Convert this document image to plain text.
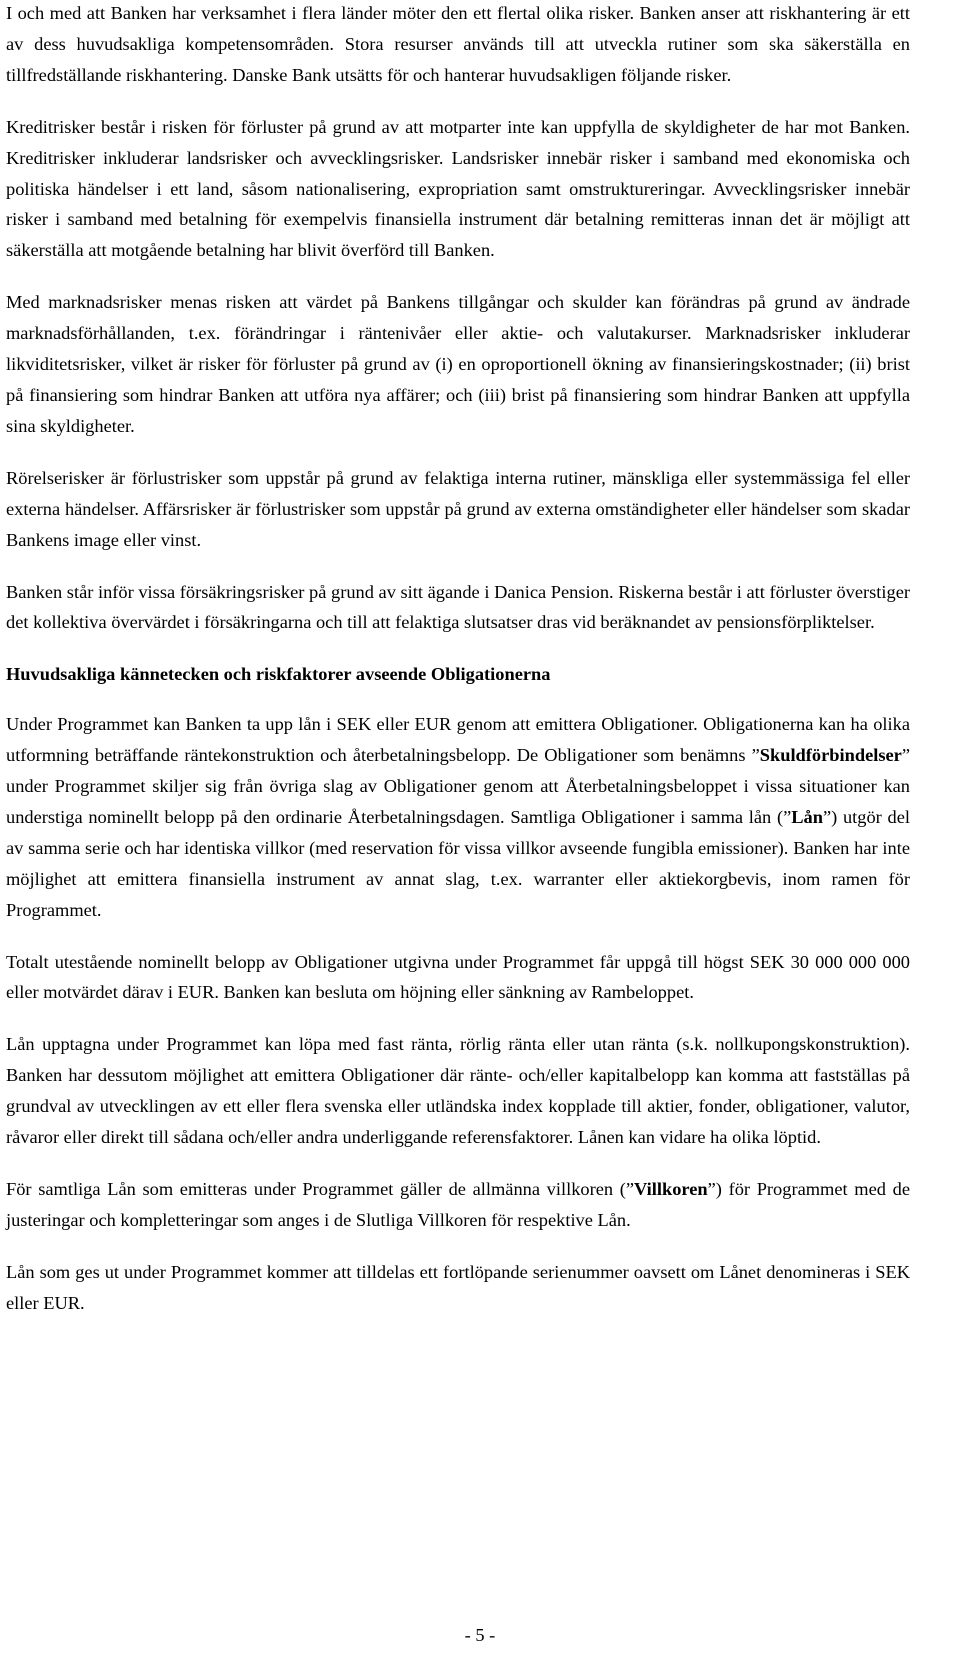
I och med att Banken har verksamhet i flera länder möter den ett flertal olika risker. Banken anser att riskhantering är ett av dess huvudsakliga kompetensområden. Stora resurser används till att utveckla rutiner som ska säkerställa en tillfredställande riskhantering. Danske Bank utsätts för och hanterar huvudsakligen följande risker.
Kreditrisker består i risken för förluster på grund av att motparter inte kan uppfylla de skyldigheter de har mot Banken. Kreditrisker inkluderar landsrisker och avvecklingsrisker. Landsrisker innebär risker i samband med ekonomiska och politiska händelser i ett land, såsom nationalisering, expropriation samt omstruktureringar. Avvecklingsrisker innebär risker i samband med betalning för exempelvis finansiella instrument där betalning remitteras innan det är möjligt att säkerställa att motgående betalning har blivit överförd till Banken.
Med marknadsrisker menas risken att värdet på Bankens tillgångar och skulder kan förändras på grund av ändrade marknadsförhållanden, t.ex. förändringar i räntenivåer eller aktie- och valutakurser. Marknadsrisker inkluderar likviditetsrisker, vilket är risker för förluster på grund av (i) en oproportionell ökning av finansieringskostnader; (ii) brist på finansiering som hindrar Banken att utföra nya affärer; och (iii) brist på finansiering som hindrar Banken att uppfylla sina skyldigheter.
Rörelserisker är förlustrisker som uppstår på grund av felaktiga interna rutiner, mänskliga eller systemmässiga fel eller externa händelser. Affärsrisker är förlustrisker som uppstår på grund av externa omständigheter eller händelser som skadar Bankens image eller vinst.
Banken står inför vissa försäkringsrisker på grund av sitt ägande i Danica Pension. Riskerna består i att förluster överstiger det kollektiva övervärdet i försäkringarna och till att felaktiga slutsatser dras vid beräknandet av pensionsförpliktelser.
Huvudsakliga kännetecken och riskfaktorer avseende Obligationerna
Under Programmet kan Banken ta upp lån i SEK eller EUR genom att emittera Obligationer. Obligationerna kan ha olika utformning beträffande räntekonstruktion och återbetalningsbelopp. De Obligationer som benämns ”Skuldförbindelser” under Programmet skiljer sig från övriga slag av Obligationer genom att Återbetalningsbeloppet i vissa situationer kan understiga nominellt belopp på den ordinarie Återbetalningsdagen. Samtliga Obligationer i samma lån (”Lån”) utgör del av samma serie och har identiska villkor (med reservation för vissa villkor avseende fungibla emissioner). Banken har inte möjlighet att emittera finansiella instrument av annat slag, t.ex. warranter eller aktiekorgbevis, inom ramen för Programmet.
Totalt utestående nominellt belopp av Obligationer utgivna under Programmet får uppgå till högst SEK 30 000 000 000 eller motvärdet därav i EUR. Banken kan besluta om höjning eller sänkning av Rambeloppet.
Lån upptagna under Programmet kan löpa med fast ränta, rörlig ränta eller utan ränta (s.k. nollkupongskonstruktion). Banken har dessutom möjlighet att emittera Obligationer där ränte- och/eller kapitalbelopp kan komma att fastställas på grundval av utvecklingen av ett eller flera svenska eller utländska index kopplade till aktier, fonder, obligationer, valutor, råvaror eller direkt till sådana och/eller andra underliggande referensfaktorer. Lånen kan vidare ha olika löptid.
För samtliga Lån som emitteras under Programmet gäller de allmänna villkoren (”Villkoren”) för Programmet med de justeringar och kompletteringar som anges i de Slutliga Villkoren för respektive Lån.
Lån som ges ut under Programmet kommer att tilldelas ett fortlöpande serienummer oavsett om Lånet denomineras i SEK eller EUR.
- 5 -
